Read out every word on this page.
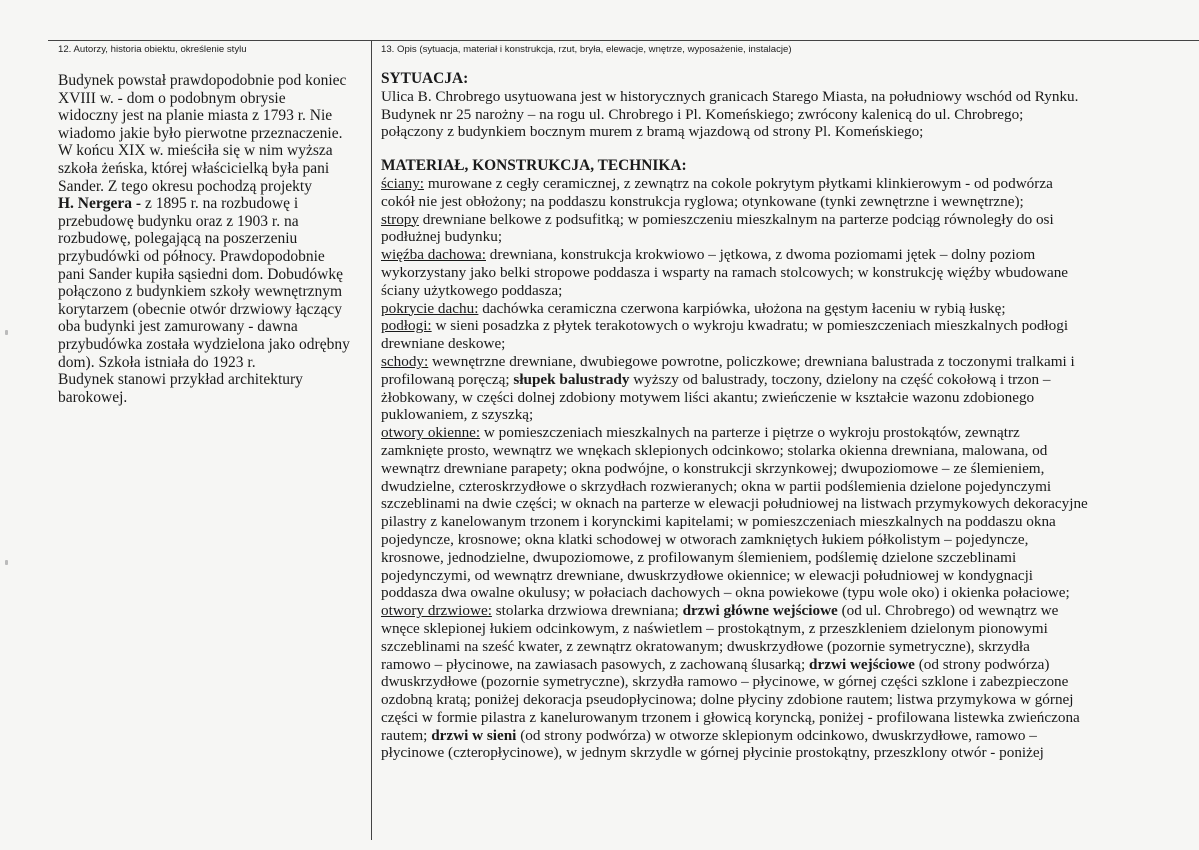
12. Autorzy, historia obiektu, określenie stylu	13. Opis (sytuacja, materiał i konstrukcja, rzut, bryła, elewacje, wnętrze, wyposażenie, instalacje)
Budynek powstał prawdopodobnie pod koniec
XVIII w. - dom o podobnym obrysie
widoczny jest na planie miasta z 1793 r. Nie
wiadomo jakie było pierwotne przeznaczenie.
W końcu XIX w. mieściła się w nim wyższa
szkoła żeńska, której właścicielką była pani
Sander. Z tego okresu pochodzą projekty
H. Nergera - z 1895 r. na rozbudowę i
przebudowę budynku oraz z 1903 r. na
rozbudowę, polegającą na poszerzeniu
przybudówki od północy. Prawdopodobnie
pani Sander kupiła sąsiedni dom. Dobudówkę
połączono z budynkiem szkoły wewnętrznym
korytarzem (obecnie otwór drzwiowy łączący
oba budynki jest zamurowany - dawna
przybudówka została wydzielona jako odrębny
dom). Szkoła istniała do 1923 r.
Budynek stanowi przykład architektury
barokowej.
SYTUACJA:
Ulica B. Chrobrego usytuowana jest w historycznych granicach Starego Miasta, na południowy wschód od Rynku.
Budynek nr 25 narożny – na rogu ul. Chrobrego i Pl. Komeńskiego; zwrócony kalenicą do ul. Chrobrego;
połączony z budynkiem bocznym murem z bramą wjazdową od strony Pl. Komeńskiego;
MATERIAŁ, KONSTRUKCJA, TECHNIKA:
ściany: murowane z cegły ceramicznej, z zewnątrz na cokole pokrytym płytkami klinkierowym - od podwórza
cokół nie jest obłożony; na poddaszu konstrukcja ryglowa; otynkowane (tynki zewnętrzne i wewnętrzne);
stropy drewniane belkowe z podsufitką; w pomieszczeniu mieszkalnym na parterze podciąg równoległy do osi
podłużnej budynku;
więźba dachowa: drewniana, konstrukcja krokwiowo – jętkowa, z dwoma poziomami jętek – dolny poziom
wykorzystany jako belki stropowe poddasza i wsparty na ramach stolcowych; w konstrukcję więźby wbudowane
ściany użytkowego poddasza;
pokrycie dachu: dachówka ceramiczna czerwona karpiówka, ułożona na gęstym łaceniu w rybią łuskę;
podłogi: w sieni posadzka z płytek terakotowych o wykroju kwadratu; w pomieszczeniach mieszkalnych podłogi
drewniane deskowe;
schody: wewnętrzne drewniane, dwubiegowe powrotne, policzkowe; drewniana balustrada z toczonymi tralkami i
profilowaną poręczą; słupek balustrady wyższy od balustrady, toczony, dzielony na część cokołową i trzon –
żłobkowany, w części dolnej zdobiony motywem liści akantu; zwieńczenie w kształcie wazonu zdobionego
puklowaniem, z szyszką;
otwory okienne: w pomieszczeniach mieszkalnych na parterze i piętrze o wykroju prostokątów, zewnątrz
zamknięte prosto, wewnątrz we wnękach sklepionych odcinkowo; stolarka okienna drewniana, malowana, od
wewnątrz drewniane parapety; okna podwójne, o konstrukcji skrzynkowej; dwupoziomowe – ze ślemieniem,
dwudzielne, czteroskrzydłowe o skrzydłach rozwieranych; okna w partii podślemienia dzielone pojedynczymi
szczeblinami na dwie części; w oknach na parterze w elewacji południowej na listwach przymykowych dekoracyjne
pilastry z kanelowanym trzonem i korynckimi kapitelami; w pomieszczeniach mieszkalnych na poddaszu okna
pojedyncze, krosnowe; okna klatki schodowej w otworach zamkniętych łukiem półkolistym – pojedyncze,
krosnowe, jednodzielne, dwupoziomowe, z profilowanym ślemieniem, podślemię dzielone szczeblinami
pojedynczymi, od wewnątrz drewniane, dwuskrzydłowe okiennice; w elewacji południowej w kondygnacji
poddasza dwa owalne okulusy; w połaciach dachowych – okna powiekowe (typu wole oko) i okienka połaciowe;
otwory drzwiowe: stolarka drzwiowa drewniana; drzwi główne wejściowe (od ul. Chrobrego) od wewnątrz we
wnęce sklepionej łukiem odcinkowym, z naświetlem – prostokątnym, z przeszkleniem dzielonym pionowymi
szczeblinami na sześć kwater, z zewnątrz okratowanym; dwuskrzydłowe (pozornie symetryczne), skrzydła
ramowo – płycinowe, na zawiasach pasowych, z zachowaną ślusarką; drzwi wejściowe (od strony podwórza)
dwuskrzydłowe (pozornie symetryczne), skrzydła ramowo – płycinowe, w górnej części szklone i zabezpieczone
ozdobną kratą; poniżej dekoracja pseudopłycinowa; dolne płyciny zdobione rautem; listwa przymykowa w górnej
części w formie pilastra z kanelurowanym trzonem i głowicą koryncką, poniżej - profilowana listewka zwieńczona
rautem; drzwi w sieni (od strony podwórza) w otworze sklepionym odcinkowo, dwuskrzydłowe, ramowo –
płycinowe (czteropłycinowe), w jednym skrzydle w górnej płycinie prostokątny, przeszklony otwór - poniżej
